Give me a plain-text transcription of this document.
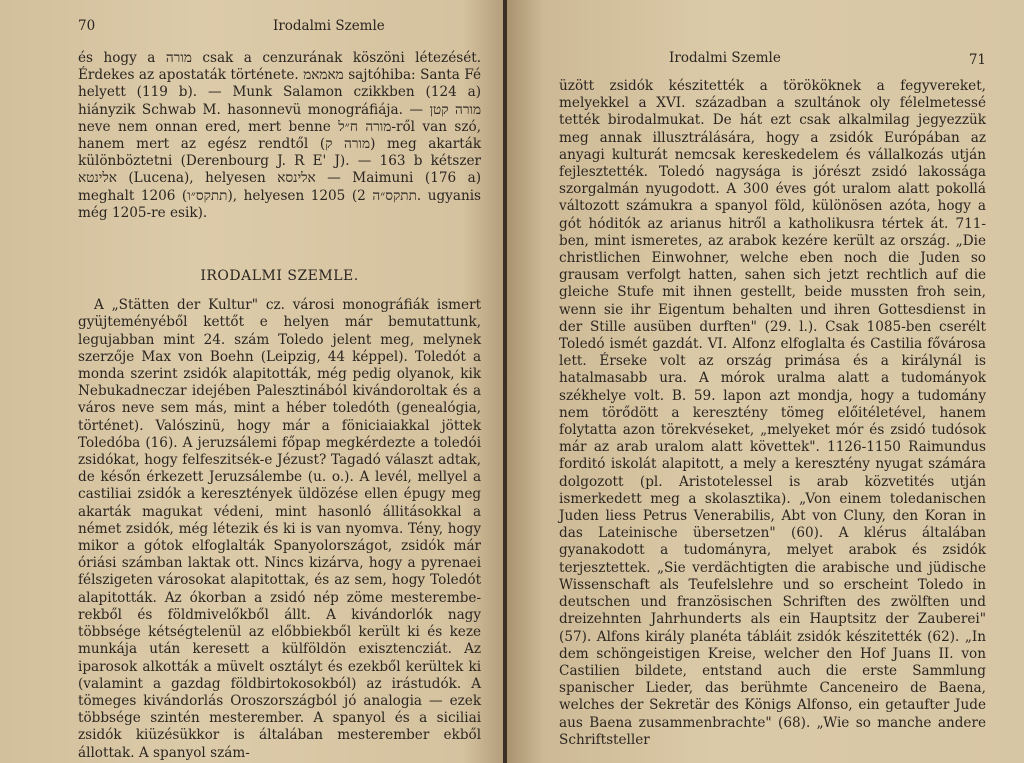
70	Irodalmi Szemle

és hogy a מורה csak a cenzurának köszöni létezését. Érdekes az apostaták története. מאמאמ sajtóhiba: Santa Fé helyett (119 b). — Munk Salamon czikkben (124 a) hiányzik Schwab M. hasonnevü monográfiája. — מורה קטן neve nem onnan ered, mert benne מורה ח״ל-ről van szó, hanem mert az egész rendtől (מורה ק) meg akarták különböztetni (Derenbourg J. R E' J). — 163 b kétszer אלינטא (Lucena), helyesen אלינסא — Maimuni (176 a) meghalt 1206 (תתקס״ו), helyesen 1205 (תתקס״ה 2. ugyanis még 1205-re esik).

IRODALMI SZEMLE.

A „Stätten der Kultur" cz. városi monográfiák ismert gyüjteményéből kettőt e helyen már bemutattunk, legujabban mint 24. szám Toledo jelent meg, melynek szerzője Max von Boehn (Leipzig, 44 képpel). Toledót a monda szerint zsidók alapitották, még pedig olyanok, kik Nebukadneczar idejében Palesztinából kivándoroltak és a város neve sem más, mint a héber toledóth (genealógia, történet). Valószinü, hogy már a föniciaiakkal jöttek Toledóba (16). A jeruzsálemi főpap megkérdezte a toledói zsidókat, hogy felfeszitsék-e Jézust? Tagadó választ adtak, de későn érkezett Jeruzsálembe (u. o.). A levél, mellyel a castiliai zsidók a keresztények üldözése ellen épugy meg akarták magukat védeni, mint hasonló állitásokkal a német zsidók, még létezik és ki is van nyomva. Tény, hogy mikor a gótok elfoglalták Spanyolországot, zsidók már óriási számban laktak ott. Nincs kizárva, hogy a pyrenaei félszigeten városokat alapitottak, és az sem, hogy Toledót alapitották. Az ókorban a zsidó nép zöme mesterembe-rekből és földmivelőkből állt. A kivándorlók nagy többsége kétségtelenül az előbbiekből került ki és keze munkája után keresett a külföldön exisztencziát. Az iparosok alkották a müvelt osztályt és ezekből kerültek ki (valamint a gazdag földbirtokosokból) az irástudók. A tömeges kivándorlás Oroszországból jó analogia — ezek többsége szintén mesterember. A spanyol és a siciliai zsidók kiüzésükkor is általában mesterember ekből állottak. A spanyol szám-

Irodalmi Szemle	71

üzött zsidók készitették a törököknek a fegyvereket, melyekkel a XVI. században a szultánok oly félelmetessé tették birodalmukat. De hát ezt csak alkalmilag jegyezzük meg annak illusztrálására, hogy a zsidók Európában az anyagi kulturát nemcsak kereskedelem és vállalkozás utján fejlesztették. Toledó nagysága is jórészt zsidó lakossága szorgalmán nyugodott. A 300 éves gót uralom alatt pokollá változott számukra a spanyol föld, különösen azóta, hogy a gót hóditók az arianus hitről a katholikusra tértek át. 711-ben, mint ismeretes, az arabok kezére került az ország. „Die christlichen Einwohner, welche eben noch die Juden so grausam verfolgt hatten, sahen sich jetzt rechtlich auf die gleiche Stufe mit ihnen gestellt, beide mussten froh sein, wenn sie ihr Eigentum behalten und ihren Gottesdienst in der Stille ausüben durften" (29. l.). Csak 1085-ben cserélt Toledó ismét gazdát. VI. Alfonz elfoglalta és Castilia fővárosa lett. Érseke volt az ország primása és a királynál is hatalmasabb ura. A mórok uralma alatt a tudományok székhelye volt. B. 59. lapon azt mondja, hogy a tudomány nem törődött a keresztény tömeg előitéletével, hanem folytatta azon törekvéseket, „melyeket mór és zsidó tudósok már az arab uralom alatt követtek". 1126-1150 Raimundus forditó iskolát alapitott, a mely a keresztény nyugat számára dolgozott (pl. Aristotelessel is arab közvetités utján ismerkedett meg a skolasztika). „Von einem toledanischen Juden liess Petrus Venerabilis, Abt von Cluny, den Koran in das Lateinische übersetzen" (60). A klérus általában gyanakodott a tudományra, melyet arabok és zsidók terjesztettek. „Sie verdächtigten die arabische und jüdische Wissenschaft als Teufelslehre und so erscheint Toledo in deutschen und französischen Schriften des zwölften und dreizehnten Jahrhunderts als ein Hauptsitz der Zauberei" (57). Alfons király planéta tábláit zsidók készitették (62). „In dem schöngeistigen Kreise, welcher den Hof Juans II. von Castilien bildete, entstand auch die erste Sammlung spanischer Lieder, das berühmte Canceneiro de Baena, welches der Sekretär des Königs Alfonso, ein getaufter Jude aus Baena zusammenbrachte" (68). „Wie so manche andere Schriftsteller
